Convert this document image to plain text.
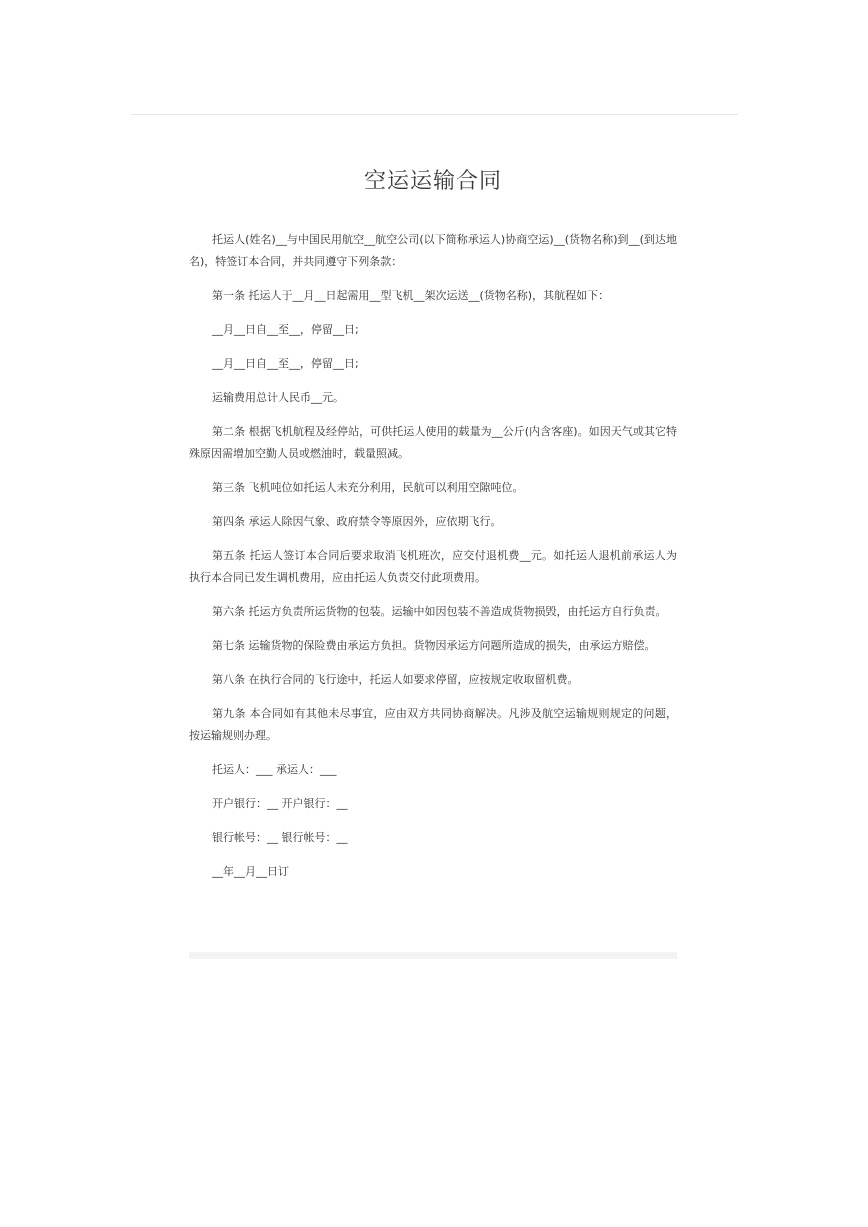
空运运输合同

托运人(姓名)__与中国民用航空__航空公司(以下简称承运人)协商空运)__(货物名称)到__(到达地名)，特签订本合同，并共同遵守下列条款：

第一条 托运人于__月__日起需用__型飞机__架次运送__(货物名称)，其航程如下：

__月__日自__至__，停留__日;

__月__日自__至__，停留__日;

运输费用总计人民币__元。

第二条 根据飞机航程及经停站，可供托运人使用的载量为__公斤(内含客座)。如因天气或其它特殊原因需增加空勤人员或燃油时，载量照减。

第三条 飞机吨位如托运人未充分利用，民航可以利用空隙吨位。

第四条 承运人除因气象、政府禁令等原因外，应依期飞行。

第五条 托运人签订本合同后要求取消飞机班次，应交付退机费__元。如托运人退机前承运人为执行本合同已发生调机费用，应由托运人负责交付此项费用。

第六条 托运方负责所运货物的包装。运输中如因包装不善造成货物损毁，由托运方自行负责。

第七条 运输货物的保险费由承运方负担。货物因承运方问题所造成的损失，由承运方赔偿。

第八条 在执行合同的飞行途中，托运人如要求停留，应按规定收取留机费。

第九条 本合同如有其他未尽事宜，应由双方共同协商解决。凡涉及航空运输规则规定的问题，按运输规则办理。

托运人：___ 承运人：___

开户银行：__ 开户银行：__

银行帐号：__ 银行帐号：__

__年__月__日订
